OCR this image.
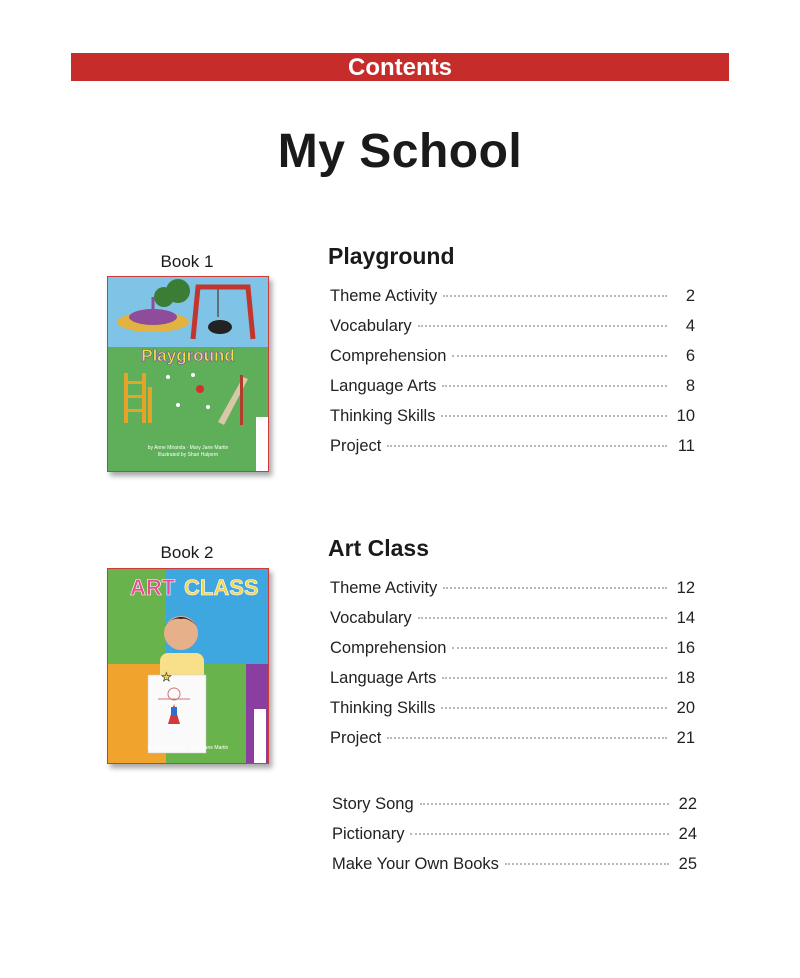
Contents
My School
Book 1
Playground
by Anne Miranda · Mary Jane Martin
Illustrated by Shari Halpern
Playground
Theme Activity	2
Vocabulary	4
Comprehension	6
Language Arts	8
Thinking Skills	10
Project	11
Book 2
ART CLASS
★
by Anne Miranda · Mary Jane Martin
Art Class
Theme Activity	12
Vocabulary	14
Comprehension	16
Language Arts	18
Thinking Skills	20
Project	21
Story Song	22
Pictionary	24
Make Your Own Books	25
